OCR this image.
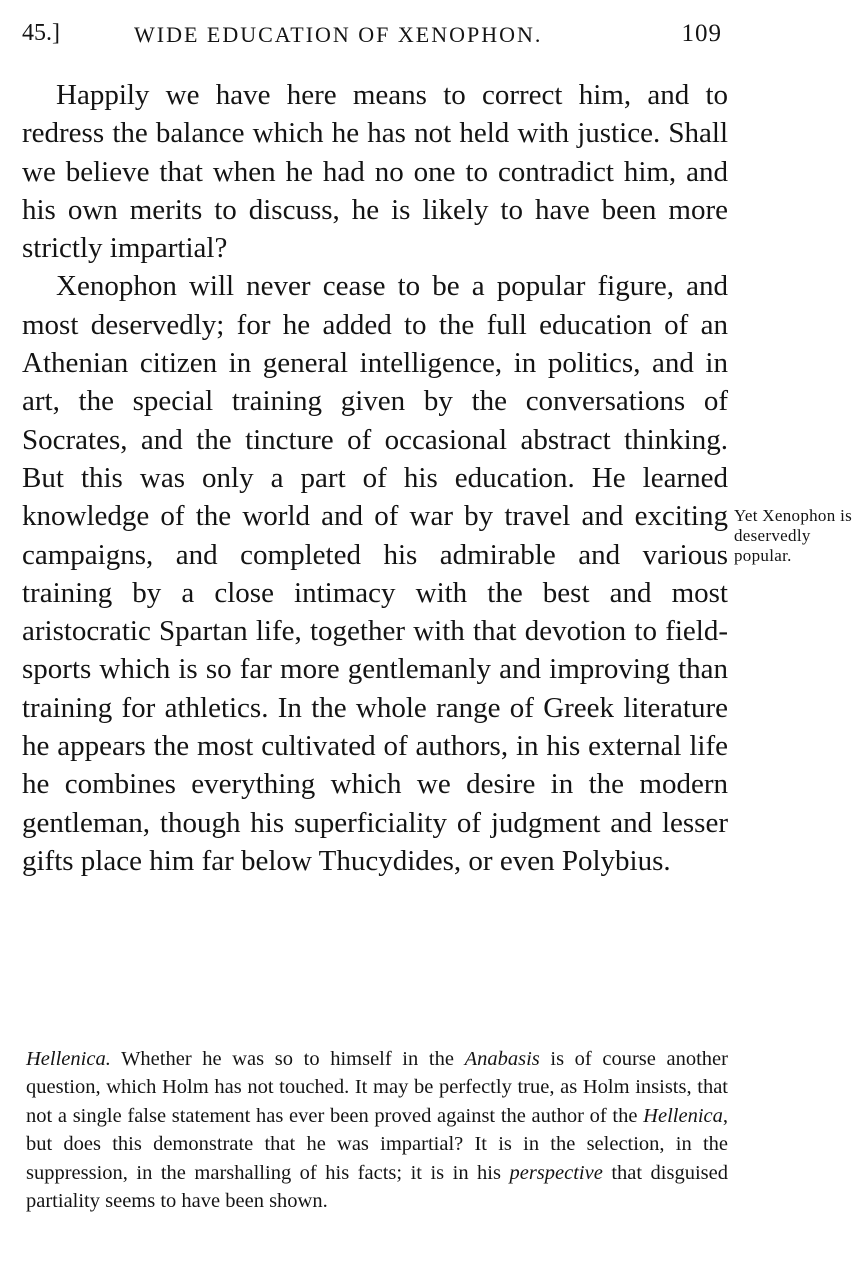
45.]	WIDE EDUCATION OF XENOPHON.	109

Happily we have here means to correct him, and to redress the balance which he has not held with justice. Shall we believe that when he had no one to contradict him, and his own merits to discuss, he is likely to have been more strictly impartial?

Xenophon will never cease to be a popular figure, and most deservedly; for he added to the full education of an Athenian citizen in general intelligence, in politics, and in art, the special training given by the conversations of Socrates, and the tincture of occasional abstract thinking. But this was only a part of his education. He learned knowledge of the world and of war by travel and exciting campaigns, and completed his admirable and various training by a close intimacy with the best and most aristocratic Spartan life, together with that devotion to field-sports which is so far more gentlemanly and improving than training for athletics. In the whole range of Greek literature he appears the most cultivated of authors, in his external life he combines everything which we desire in the modern gentleman, though his superficiality of judgment and lesser gifts place him far below Thucydides, or even Polybius.

Yet Xenophon is deservedly popular.

Hellenica. Whether he was so to himself in the Anabasis is of course another question, which Holm has not touched. It may be perfectly true, as Holm insists, that not a single false statement has ever been proved against the author of the Hellenica, but does this demonstrate that he was impartial? It is in the selection, in the suppression, in the marshalling of his facts; it is in his perspective that disguised partiality seems to have been shown.
